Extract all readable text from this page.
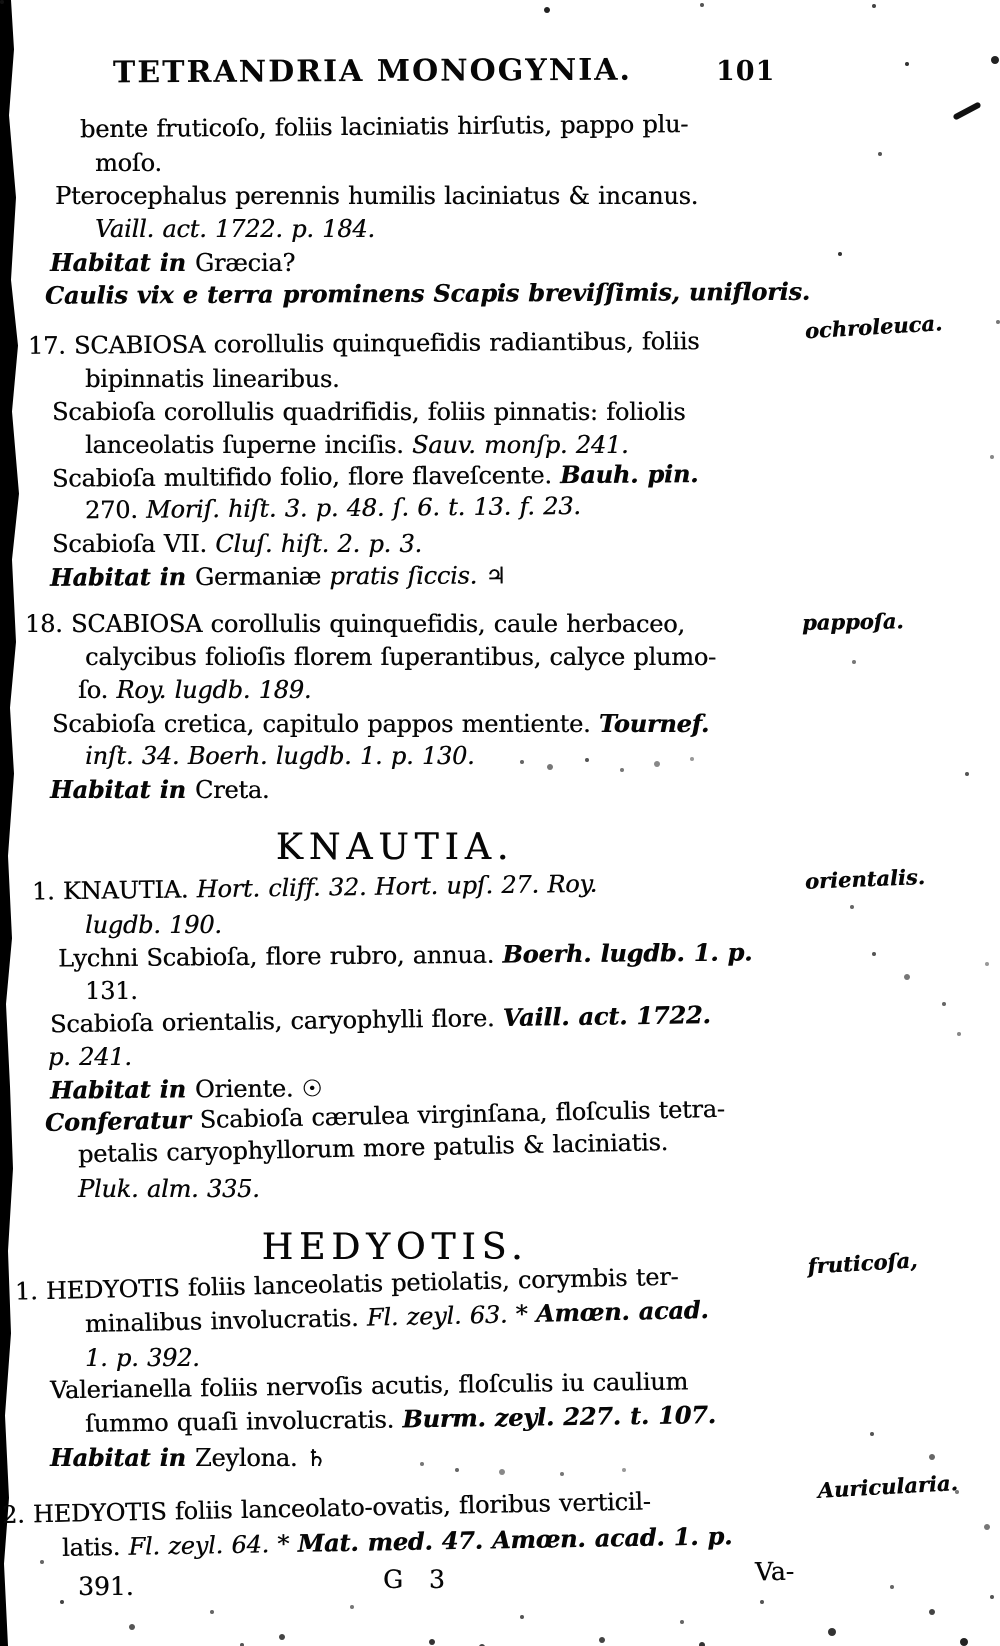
TETRANDRIA MONOGYNIA.	101
bente fruticoſo, foliis laciniatis hirſutis, pappo plu-
moſo.
Pterocephalus perennis humilis laciniatus & incanus.
Vaill. act. 1722. p. 184.
Habitat in Græcia?
Caulis vix e terra prominens Scapis breviſſimis, unifloris.
17. SCABIOSA corollulis quinquefidis radiantibus, foliis
ochroleuca.
bipinnatis linearibus.
Scabioſa corollulis quadrifidis, foliis pinnatis: foliolis
lanceolatis ſuperne inciſis. Sauv. monſp. 241.
Scabioſa multifido folio, flore flaveſcente. Bauh. pin.
270. Moriſ. hiſt. 3. p. 48. ſ. 6. t. 13. f. 23.
Scabioſa VII. Cluſ. hiſt. 2. p. 3.
Habitat in Germaniæ pratis ſiccis. ♃
18. SCABIOSA corollulis quinquefidis, caule herbaceo,	pappoſa.
calycibus folioſis florem ſuperantibus, calyce plumo-
ſo. Roy. lugdb. 189.
Scabioſa cretica, capitulo pappos mentiente. Tournef.
inſt. 34. Boerh. lugdb. 1. p. 130.
Habitat in Creta.
KNAUTIA.
1. KNAUTIA. Hort. cliff. 32. Hort. upſ. 27. Roy.	orientalis.
lugdb. 190.
Lychni Scabioſa, flore rubro, annua. Boerh. lugdb. 1. p.
131.
Scabioſa orientalis, caryophylli flore. Vaill. act. 1722.
p. 241.
Habitat in Oriente. ☉
Conferatur Scabioſa cærulea virginſana, floſculis tetra-
petalis caryophyllorum more patulis & laciniatis.
Pluk. alm. 335.
HEDYOTIS.
1. HEDYOTIS foliis lanceolatis petiolatis, corymbis ter-	fruticoſa,
minalibus involucratis. Fl. zeyl. 63. * Amœn. acad.
1. p. 392.
Valerianella foliis nervoſis acutis, floſculis iu caulium
ſummo quaſi involucratis. Burm. zeyl. 227. t. 107.
Habitat in Zeylona. ♄
2. HEDYOTIS foliis lanceolato-ovatis, floribus verticil-
Auricularia.
latis. Fl. zeyl. 64. * Mat. med. 47. Amœn. acad. 1. p.
391.	G 3	Va-
